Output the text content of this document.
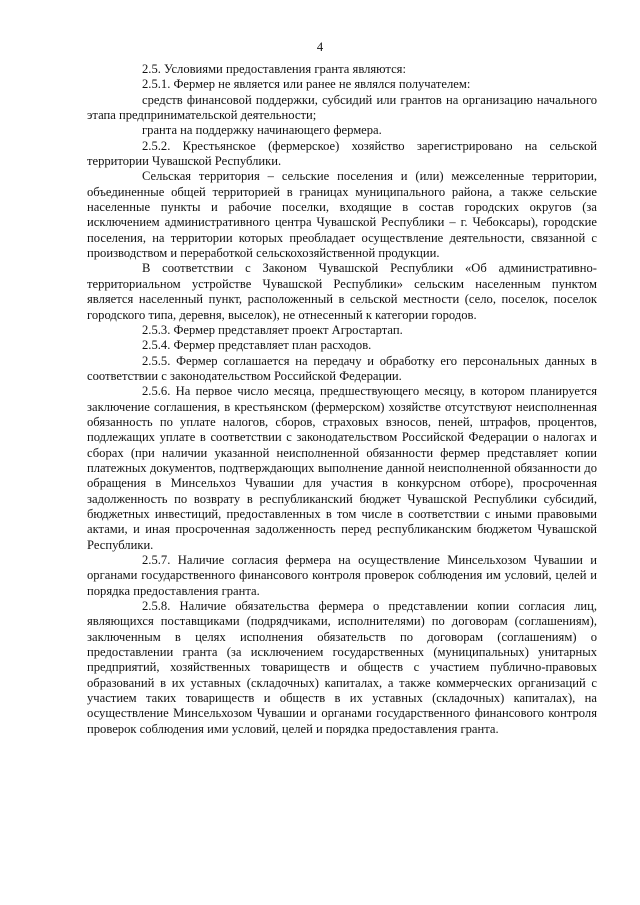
4

2.5. Условиями предоставления гранта являются:

2.5.1. Фермер не является или ранее не являлся получателем:

средств финансовой поддержки, субсидий или грантов на организацию начального этапа предпринимательской деятельности;

гранта на поддержку начинающего фермера.

2.5.2. Крестьянское (фермерское) хозяйство зарегистрировано на сельской территории Чувашской Республики.

Сельская территория – сельские поселения и (или) межселенные территории, объединенные общей территорией в границах муниципального района, а также сельские населенные пункты и рабочие поселки, входящие в состав городских округов (за исключением административного центра Чувашской Республики – г. Чебоксары), городские поселения, на территории которых преобладает осуществление деятельности, связанной с производством и переработкой сельскохозяйственной продукции.

В соответствии с Законом Чувашской Республики «Об административно-территориальном устройстве Чувашской Республики» сельским населенным пунктом является населенный пункт, расположенный в сельской местности (село, поселок, поселок городского типа, деревня, выселок), не отнесенный к категории городов.

2.5.3. Фермер представляет проект Агростартап.

2.5.4. Фермер представляет план расходов.

2.5.5. Фермер соглашается на передачу и обработку его персональных данных в соответствии с законодательством Российской Федерации.

2.5.6. На первое число месяца, предшествующего месяцу, в котором планируется заключение соглашения, в крестьянском (фермерском) хозяйстве отсутствуют неисполненная обязанность по уплате налогов, сборов, страховых взносов, пеней, штрафов, процентов, подлежащих уплате в соответствии с законодательством Российской Федерации о налогах и сборах (при наличии указанной неисполненной обязанности фермер представляет копии платежных документов, подтверждающих выполнение данной неисполненной обязанности до обращения в Минсельхоз Чувашии для участия в конкурсном отборе), просроченная задолженность по возврату в республиканский бюджет Чувашской Республики субсидий, бюджетных инвестиций, предоставленных в том числе в соответствии с иными правовыми актами, и иная просроченная задолженность перед республиканским бюджетом Чувашской Республики.

2.5.7. Наличие согласия фермера на осуществление Минсельхозом Чувашии и органами государственного финансового контроля проверок соблюдения им условий, целей и порядка предоставления гранта.

2.5.8. Наличие обязательства фермера о представлении копии согласия лиц, являющихся поставщиками (подрядчиками, исполнителями) по договорам (соглашениям), заключенным в целях исполнения обязательств по договорам (соглашениям) о предоставлении гранта (за исключением государственных (муниципальных) унитарных предприятий, хозяйственных товариществ и обществ с участием публично-правовых образований в их уставных (складочных) капиталах, а также коммерческих организаций с участием таких товариществ и обществ в их уставных (складочных) капиталах), на осуществление Минсельхозом Чувашии и органами государственного финансового контроля проверок соблюдения ими условий, целей и порядка предоставления гранта.
